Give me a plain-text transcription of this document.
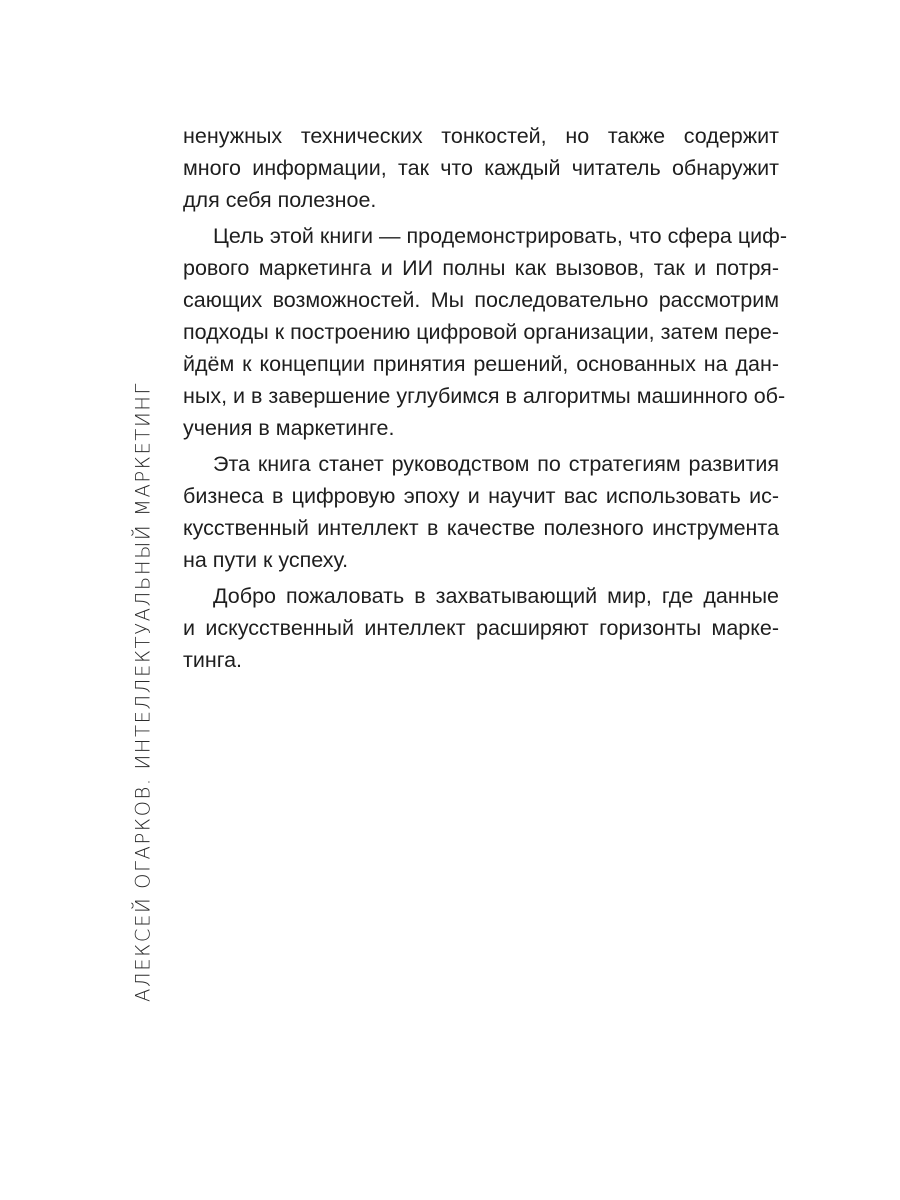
АЛЕКСЕЙ ОГАРКОВ. ИНТЕЛЛЕКТУАЛЬНЫЙ МАРКЕТИНГ
ненужных технических тонкостей, но также содержит
много информации, так что каждый читатель обнаружит
для себя полезное.
Цель этой книги — продемонстрировать, что сфера циф-
рового маркетинга и ИИ полны как вызовов, так и потря-
сающих возможностей. Мы последовательно рассмотрим
подходы к построению цифровой организации, затем пере-
йдём к концепции принятия решений, основанных на дан-
ных, и в завершение углубимся в алгоритмы машинного об-
учения в маркетинге.
Эта книга станет руководством по стратегиям развития
бизнеса в цифровую эпоху и научит вас использовать ис-
кусственный интеллект в качестве полезного инструмента
на пути к успеху.
Добро пожаловать в захватывающий мир, где данные
и искусственный интеллект расширяют горизонты марке-
тинга.
